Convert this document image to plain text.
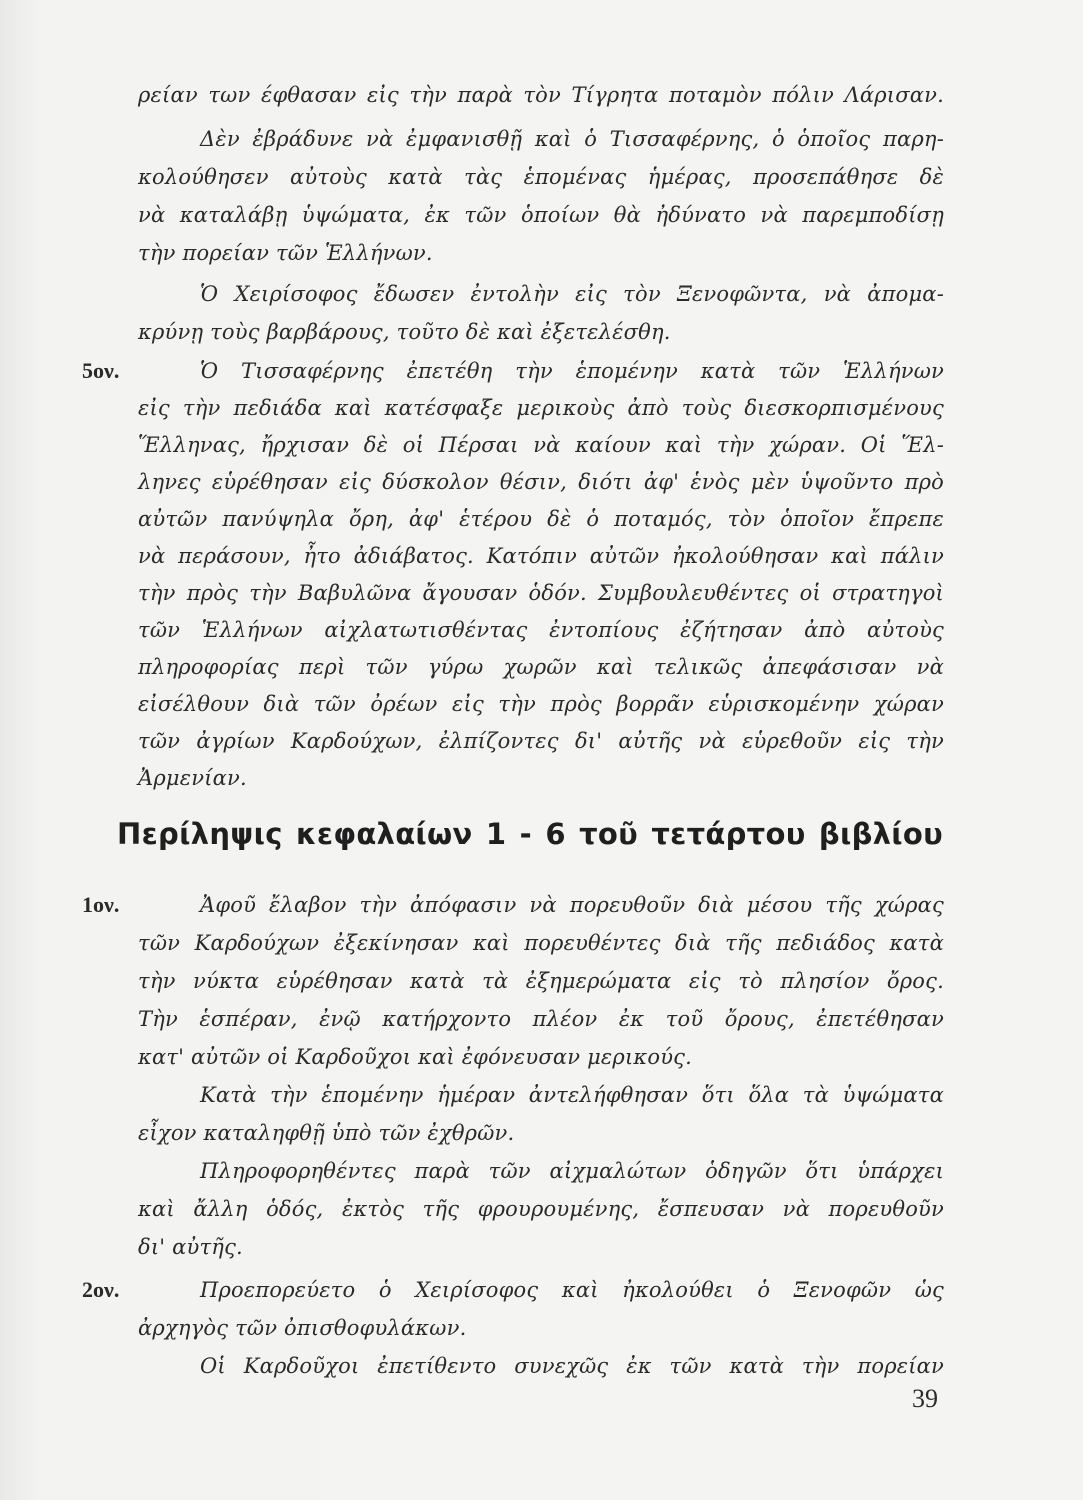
ρείαν των έφθασαν εἰς τὴν παρὰ τὸν Τίγρητα ποταμὸν πόλιν Λάρισαν.
Δὲν ἐβράδυνε νὰ ἐμφανισθῇ καὶ ὁ Τισσαφέρνης, ὁ ὁποῖος παρη-
κολούθησεν αὐτοὺς κατὰ τὰς ἑπομένας ἡμέρας, προσεπάθησε δὲ
νὰ καταλάβῃ ὑψώματα, ἐκ τῶν ὁποίων θὰ ἠδύνατο νὰ παρεμποδίσῃ
τὴν πορείαν τῶν Ἑλλήνων.
Ὁ Χειρίσοφος ἔδωσεν ἐντολὴν εἰς τὸν Ξενοφῶντα, νὰ ἀπομα-
κρύνῃ τοὺς βαρβάρους, τοῦτο δὲ καὶ ἐξετελέσθη.
5ον.	Ὁ Τισσαφέρνης ἐπετέθη τὴν ἑπομένην κατὰ τῶν Ἑλλήνων
εἰς τὴν πεδιάδα καὶ κατέσφαξε μερικοὺς ἀπὸ τοὺς διεσκορπισμένους
Ἕλληνας, ἤρχισαν δὲ οἱ Πέρσαι νὰ καίουν καὶ τὴν χώραν. Οἱ Ἕλ-
ληνες εὑρέθησαν εἰς δύσκολον θέσιν, διότι ἀφ' ἑνὸς μὲν ὑψοῦντο πρὸ
αὐτῶν πανύψηλα ὄρη, ἀφ' ἑτέρου δὲ ὁ ποταμός, τὸν ὁποῖον ἔπρεπε
νὰ περάσουν, ἦτο ἀδιάβατος. Κατόπιν αὐτῶν ἠκολούθησαν καὶ πάλιν
τὴν πρὸς τὴν Βαβυλῶνα ἄγουσαν ὁδόν. Συμβουλευθέντες οἱ στρατηγοὶ
τῶν Ἑλλήνων αἰχλατωτισθέντας ἐντοπίους ἐζήτησαν ἀπὸ αὐτοὺς
πληροφορίας περὶ τῶν γύρω χωρῶν καὶ τελικῶς ἀπεφάσισαν νὰ
εἰσέλθουν διὰ τῶν ὀρέων εἰς τὴν πρὸς βορρᾶν εὑρισκομένην χώραν
τῶν ἀγρίων Καρδούχων, ἐλπίζοντες δι' αὐτῆς νὰ εὑρεθοῦν εἰς τὴν
Ἀρμενίαν.
Περίληψις κεφαλαίων 1 - 6 τοῦ τετάρτου βιβλίου
1ον.	Ἀφοῦ ἔλαβον τὴν ἀπόφασιν νὰ πορευθοῦν διὰ μέσου τῆς χώρας
τῶν Καρδούχων ἐξεκίνησαν καὶ πορευθέντες διὰ τῆς πεδιάδος κατὰ
τὴν νύκτα εὑρέθησαν κατὰ τὰ ἐξημερώματα εἰς τὸ πλησίον ὄρος.
Τὴν ἑσπέραν, ἐνῷ κατήρχοντο πλέον ἐκ τοῦ ὄρους, ἐπετέθησαν
κατ' αὐτῶν οἱ Καρδοῦχοι καὶ ἐφόνευσαν μερικούς.
Κατὰ τὴν ἑπομένην ἡμέραν ἀντελήφθησαν ὅτι ὅλα τὰ ὑψώματα
εἶχον καταληφθῇ ὑπὸ τῶν ἐχθρῶν.
Πληροφορηθέντες παρὰ τῶν αἰχμαλώτων ὁδηγῶν ὅτι ὑπάρχει
καὶ ἄλλη ὁδός, ἐκτὸς τῆς φρουρουμένης, ἔσπευσαν νὰ πορευθοῦν
δι' αὐτῆς.
2ον.	Προεπορεύετο ὁ Χειρίσοφος καὶ ἠκολούθει ὁ Ξενοφῶν ὡς
ἀρχηγὸς τῶν ὀπισθοφυλάκων.
Οἱ Καρδοῦχοι ἐπετίθεντο συνεχῶς ἐκ τῶν κατὰ τὴν πορείαν
39
